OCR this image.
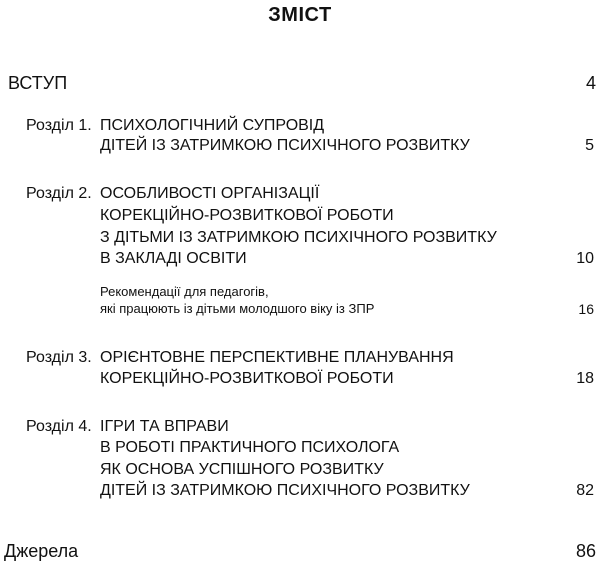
ЗМІСТ
ВСТУП	4
Розділ 1. ПСИХОЛОГІЧНИЙ СУПРОВІД
ДІТЕЙ ІЗ ЗАТРИМКОЮ ПСИХІЧНОГО РОЗВИТКУ	5
Розділ 2. ОСОБЛИВОСТІ ОРГАНІЗАЦІЇ
КОРЕКЦІЙНО-РОЗВИТКОВОЇ РОБОТИ
З ДІТЬМИ ІЗ ЗАТРИМКОЮ ПСИХІЧНОГО РОЗВИТКУ
В ЗАКЛАДІ ОСВІТИ	10
Рекомендації для педагогів,
які працюють із дітьми молодшого віку із ЗПР	16
Розділ 3. ОРІЄНТОВНЕ ПЕРСПЕКТИВНЕ ПЛАНУВАННЯ
КОРЕКЦІЙНО-РОЗВИТКОВОЇ РОБОТИ	18
Розділ 4. ІГРИ ТА ВПРАВИ
В РОБОТІ ПРАКТИЧНОГО ПСИХОЛОГА
ЯК ОСНОВА УСПІШНОГО РОЗВИТКУ
ДІТЕЙ ІЗ ЗАТРИМКОЮ ПСИХІЧНОГО РОЗВИТКУ	82
Джерела	86
